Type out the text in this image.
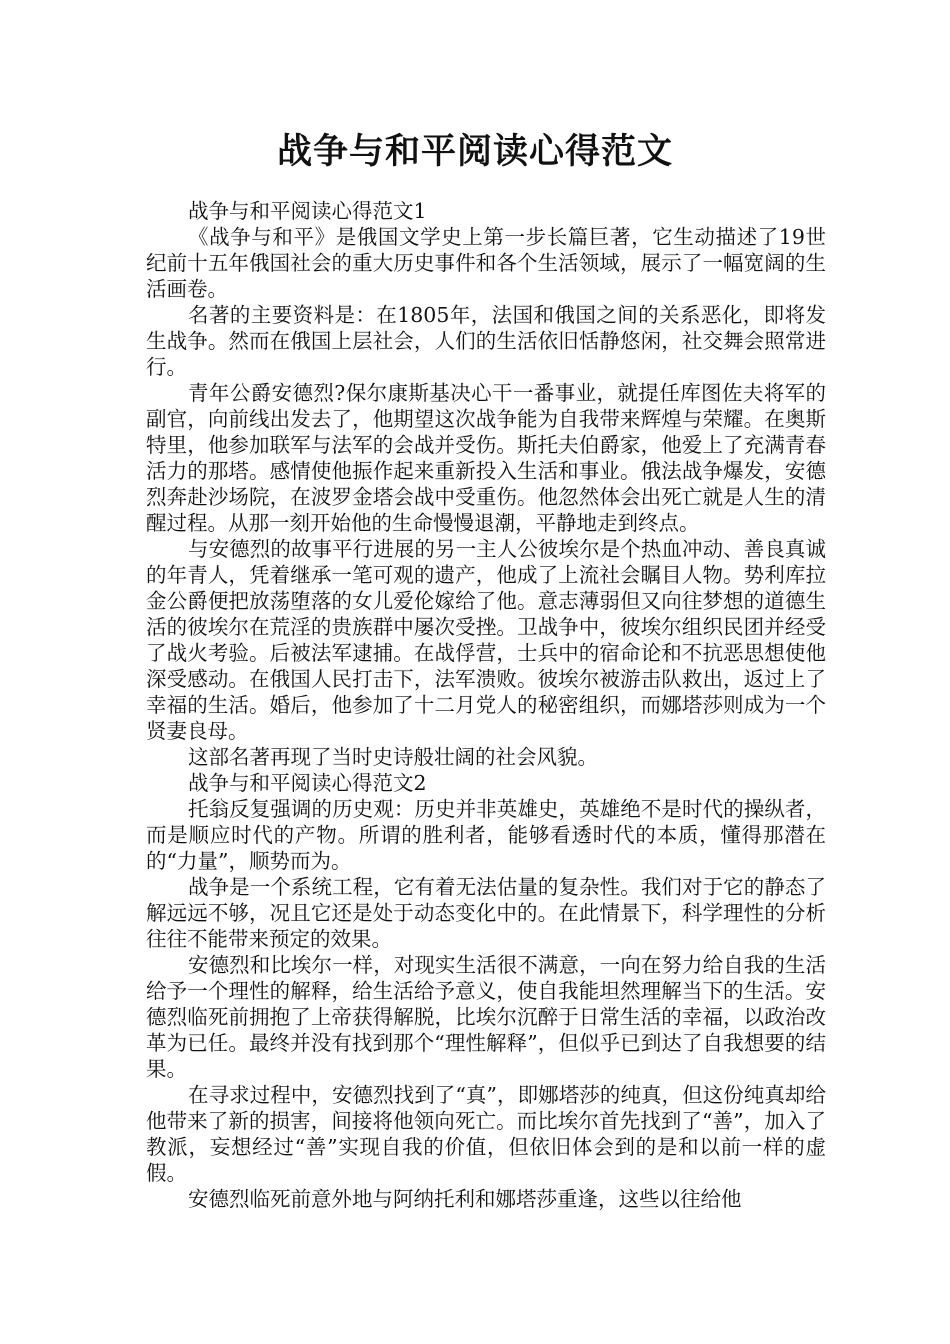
战争与和平阅读心得范文

战争与和平阅读心得范文1

《战争与和平》是俄国文学史上第一步长篇巨著，它生动描述了19世纪前十五年俄国社会的重大历史事件和各个生活领域，展示了一幅宽阔的生活画卷。

名著的主要资料是：在1805年，法国和俄国之间的关系恶化，即将发生战争。然而在俄国上层社会，人们的生活依旧恬静悠闲，社交舞会照常进行。

青年公爵安德烈?保尔康斯基决心干一番事业，就提任库图佐夫将军的副官，向前线出发去了，他期望这次战争能为自我带来辉煌与荣耀。在奥斯特里，他参加联军与法军的会战并受伤。斯托夫伯爵家，他爱上了充满青春活力的那塔。感情使他振作起来重新投入生活和事业。俄法战争爆发，安德烈奔赴沙场院，在波罗金塔会战中受重伤。他忽然体会出死亡就是人生的清醒过程。从那一刻开始他的生命慢慢退潮，平静地走到终点。

与安德烈的故事平行进展的另一主人公彼埃尔是个热血冲动、善良真诚的年青人，凭着继承一笔可观的遗产，他成了上流社会瞩目人物。势利库拉金公爵便把放荡堕落的女儿爱伦嫁给了他。意志薄弱但又向往梦想的道德生活的彼埃尔在荒淫的贵族群中屡次受挫。卫战争中，彼埃尔组织民团并经受了战火考验。后被法军逮捕。在战俘营，士兵中的宿命论和不抗恶思想使他深受感动。在俄国人民打击下，法军溃败。彼埃尔被游击队救出，返过上了幸福的生活。婚后，他参加了十二月党人的秘密组织，而娜塔莎则成为一个贤妻良母。

这部名著再现了当时史诗般壮阔的社会风貌。

战争与和平阅读心得范文2

托翁反复强调的历史观：历史并非英雄史，英雄绝不是时代的操纵者，而是顺应时代的产物。所谓的胜利者，能够看透时代的本质，懂得那潜在的“力量”，顺势而为。

战争是一个系统工程，它有着无法估量的复杂性。我们对于它的静态了解远远不够，况且它还是处于动态变化中的。在此情景下，科学理性的分析往往不能带来预定的效果。

安德烈和比埃尔一样，对现实生活很不满意，一向在努力给自我的生活给予一个理性的解释，给生活给予意义，使自我能坦然理解当下的生活。安德烈临死前拥抱了上帝获得解脱，比埃尔沉醉于日常生活的幸福，以政治改革为已任。最终并没有找到那个“理性解释”，但似乎已到达了自我想要的结果。

在寻求过程中，安德烈找到了“真”，即娜塔莎的纯真，但这份纯真却给他带来了新的损害，间接将他领向死亡。而比埃尔首先找到了“善”，加入了教派，妄想经过“善”实现自我的价值，但依旧体会到的是和以前一样的虚假。

安德烈临死前意外地与阿纳托利和娜塔莎重逢，这些以往给他
